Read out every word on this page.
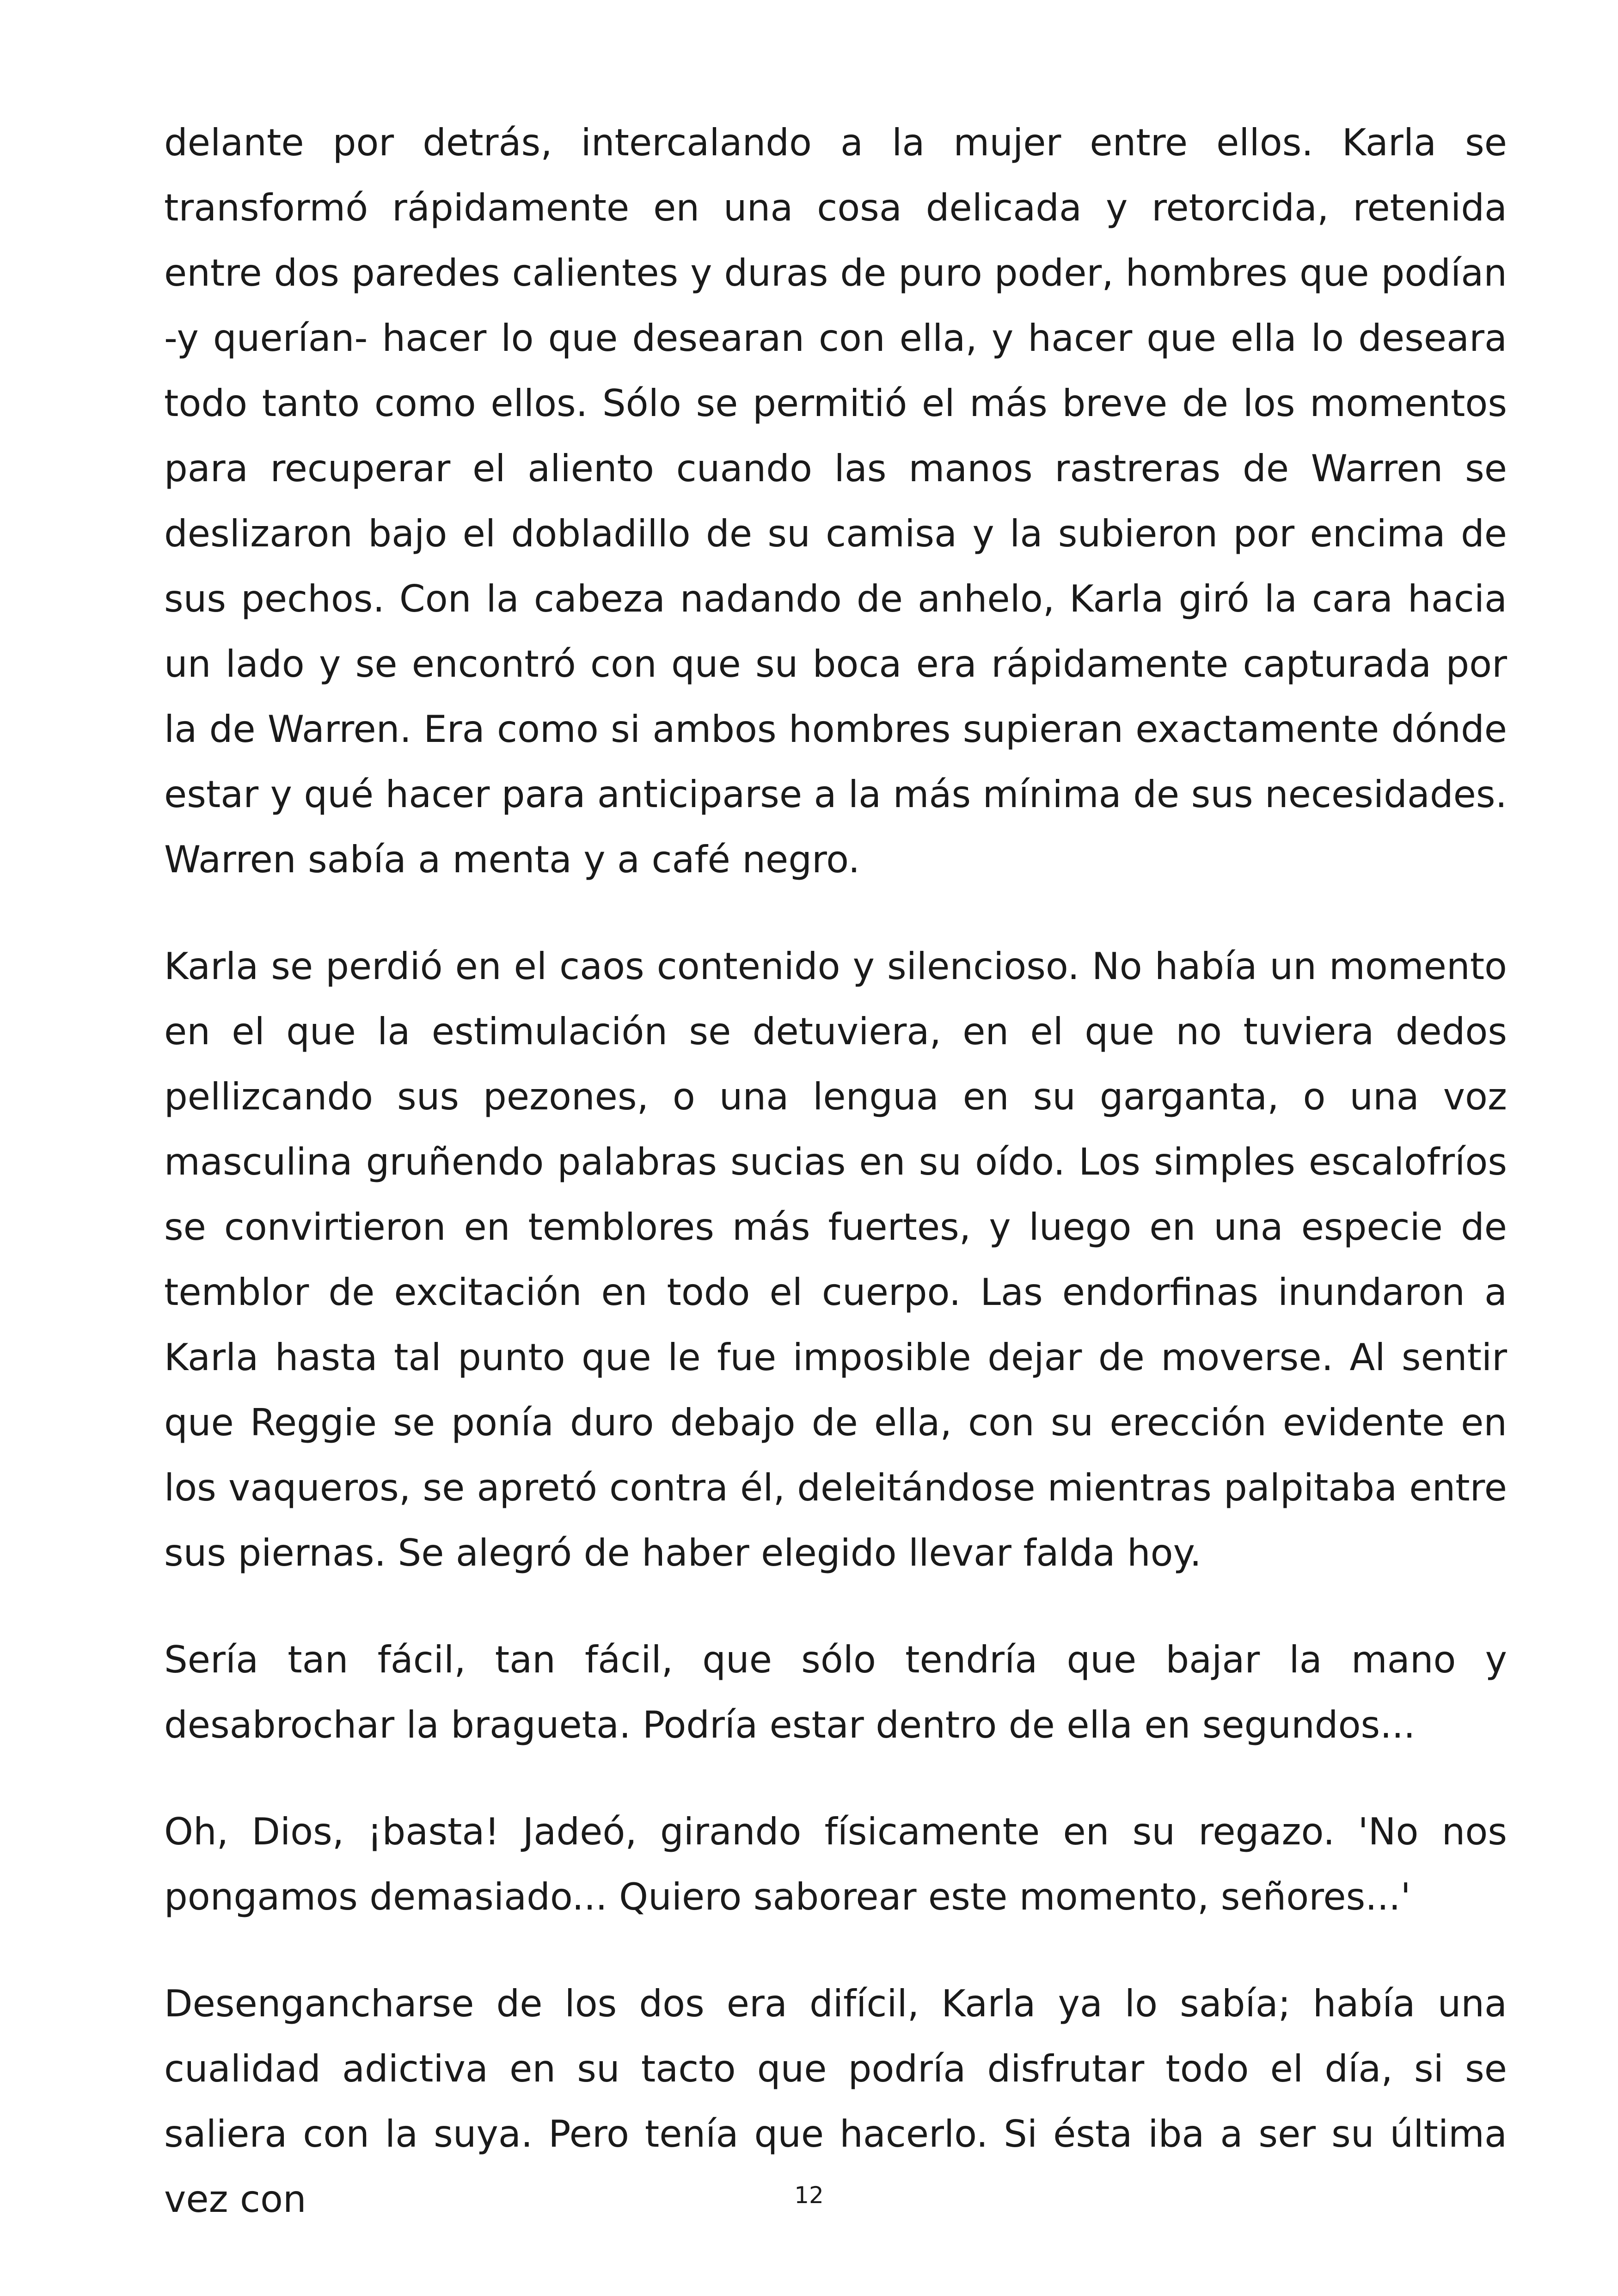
delante por detrás, intercalando a la mujer entre ellos. Karla se transformó rápidamente en una cosa delicada y retorcida, retenida entre dos paredes calientes y duras de puro poder, hombres que podían -y querían- hacer lo que desearan con ella, y hacer que ella lo deseara todo tanto como ellos. Sólo se permitió el más breve de los momentos para recuperar el aliento cuando las manos rastreras de Warren se deslizaron bajo el dobladillo de su camisa y la subieron por encima de sus pechos. Con la cabeza nadando de anhelo, Karla giró la cara hacia un lado y se encontró con que su boca era rápidamente capturada por la de Warren. Era como si ambos hombres supieran exactamente dónde estar y qué hacer para anticiparse a la más mínima de sus necesidades. Warren sabía a menta y a café negro.

Karla se perdió en el caos contenido y silencioso. No había un momento en el que la estimulación se detuviera, en el que no tuviera dedos pellizcando sus pezones, o una lengua en su garganta, o una voz masculina gruñendo palabras sucias en su oído. Los simples escalofríos se convirtieron en temblores más fuertes, y luego en una especie de temblor de excitación en todo el cuerpo. Las endorfinas inundaron a Karla hasta tal punto que le fue imposible dejar de moverse. Al sentir que Reggie se ponía duro debajo de ella, con su erección evidente en los vaqueros, se apretó contra él, deleitándose mientras palpitaba entre sus piernas. Se alegró de haber elegido llevar falda hoy.

Sería tan fácil, tan fácil, que sólo tendría que bajar la mano y desabrochar la bragueta. Podría estar dentro de ella en segundos...

Oh, Dios, ¡basta! Jadeó, girando físicamente en su regazo. 'No nos pongamos demasiado... Quiero saborear este momento, señores...'

Desengancharse de los dos era difícil, Karla ya lo sabía; había una cualidad adictiva en su tacto que podría disfrutar todo el día, si se saliera con la suya. Pero tenía que hacerlo. Si ésta iba a ser su última vez con	12
